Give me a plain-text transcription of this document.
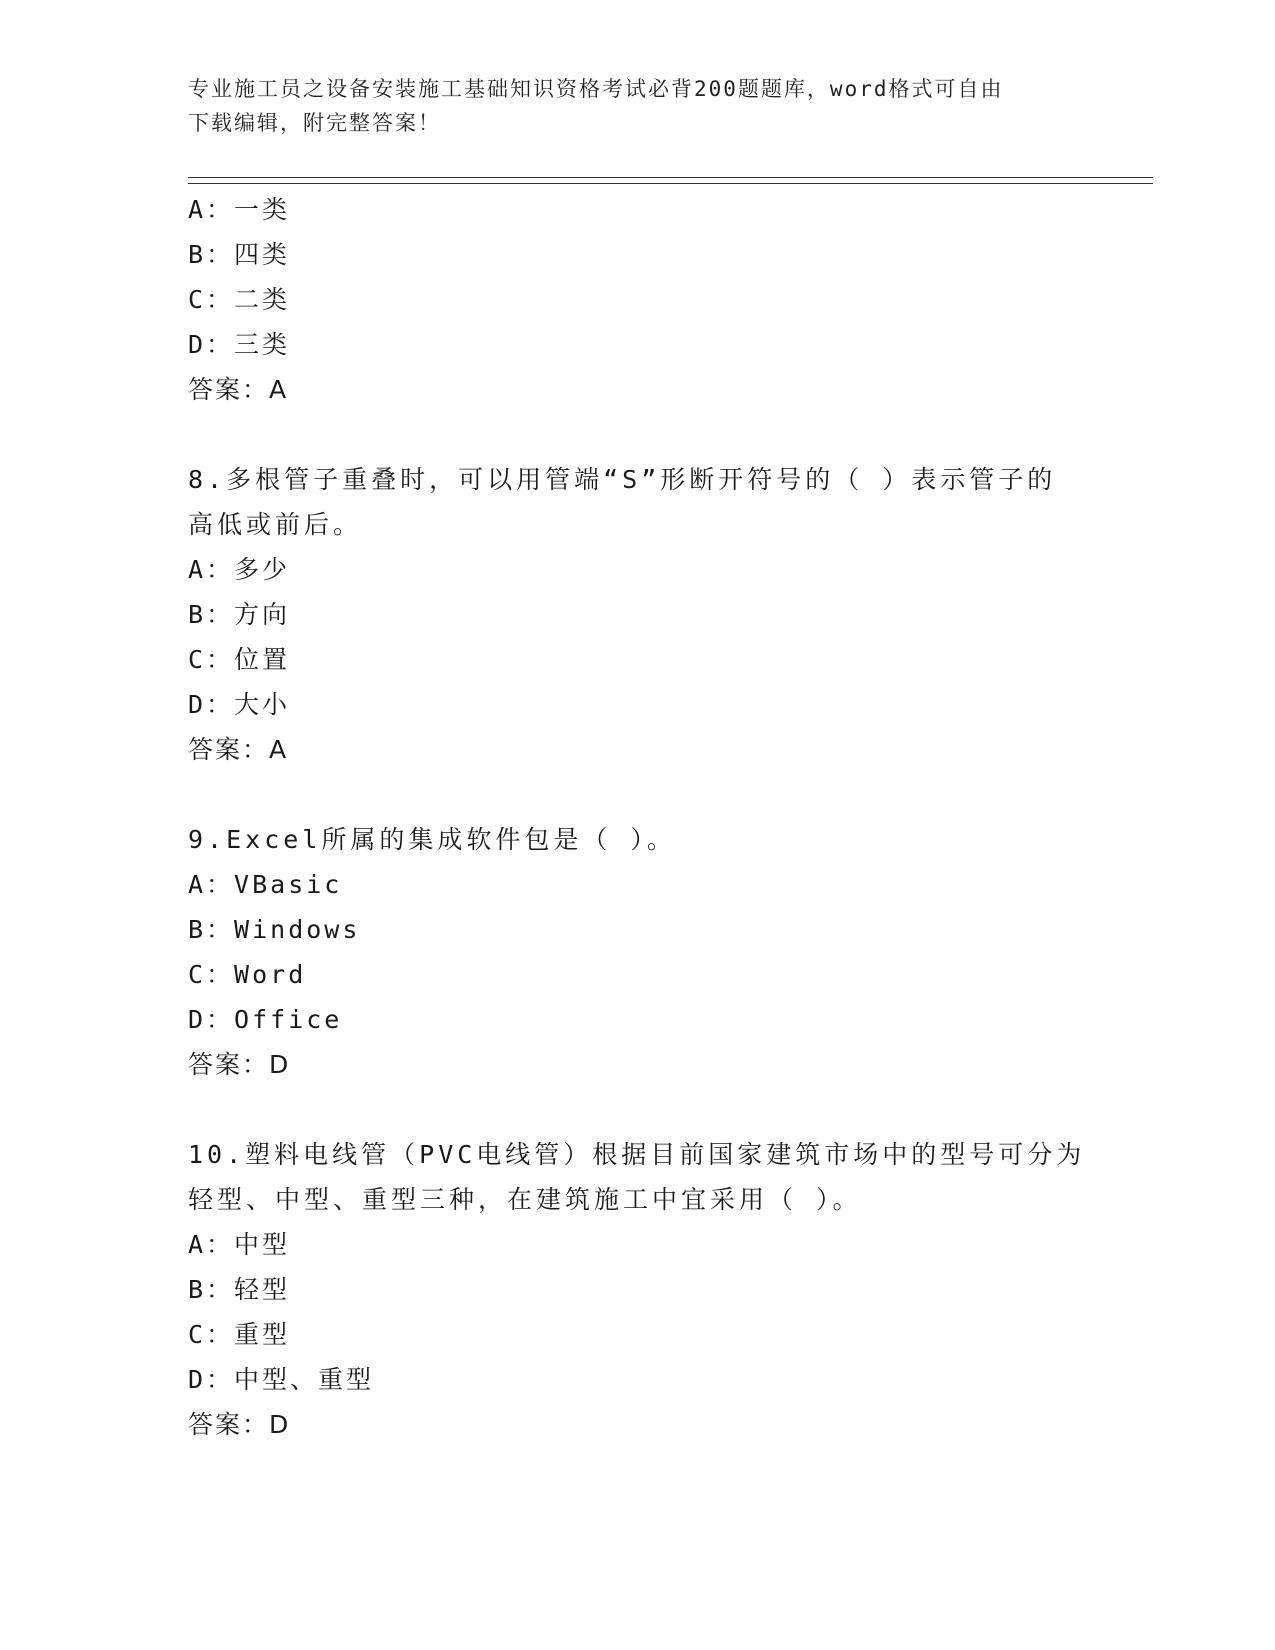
专业施工员之设备安装施工基础知识资格考试必背200题题库，word格式可自由
下载编辑，附完整答案！
A：一类
B：四类
C：二类
D：三类
答案：A
8.多根管子重叠时，可以用管端“S”形断开符号的（ ）表示管子的
高低或前后。
A：多少
B：方向
C：位置
D：大小
答案：A
9.Excel所属的集成软件包是（ ）。
A：VBasic
B：Windows
C：Word
D：Office
答案：D
10.塑料电线管（PVC电线管）根据目前国家建筑市场中的型号可分为
轻型、中型、重型三种，在建筑施工中宜采用（ ）。
A：中型
B：轻型
C：重型
D：中型、重型
答案：D
